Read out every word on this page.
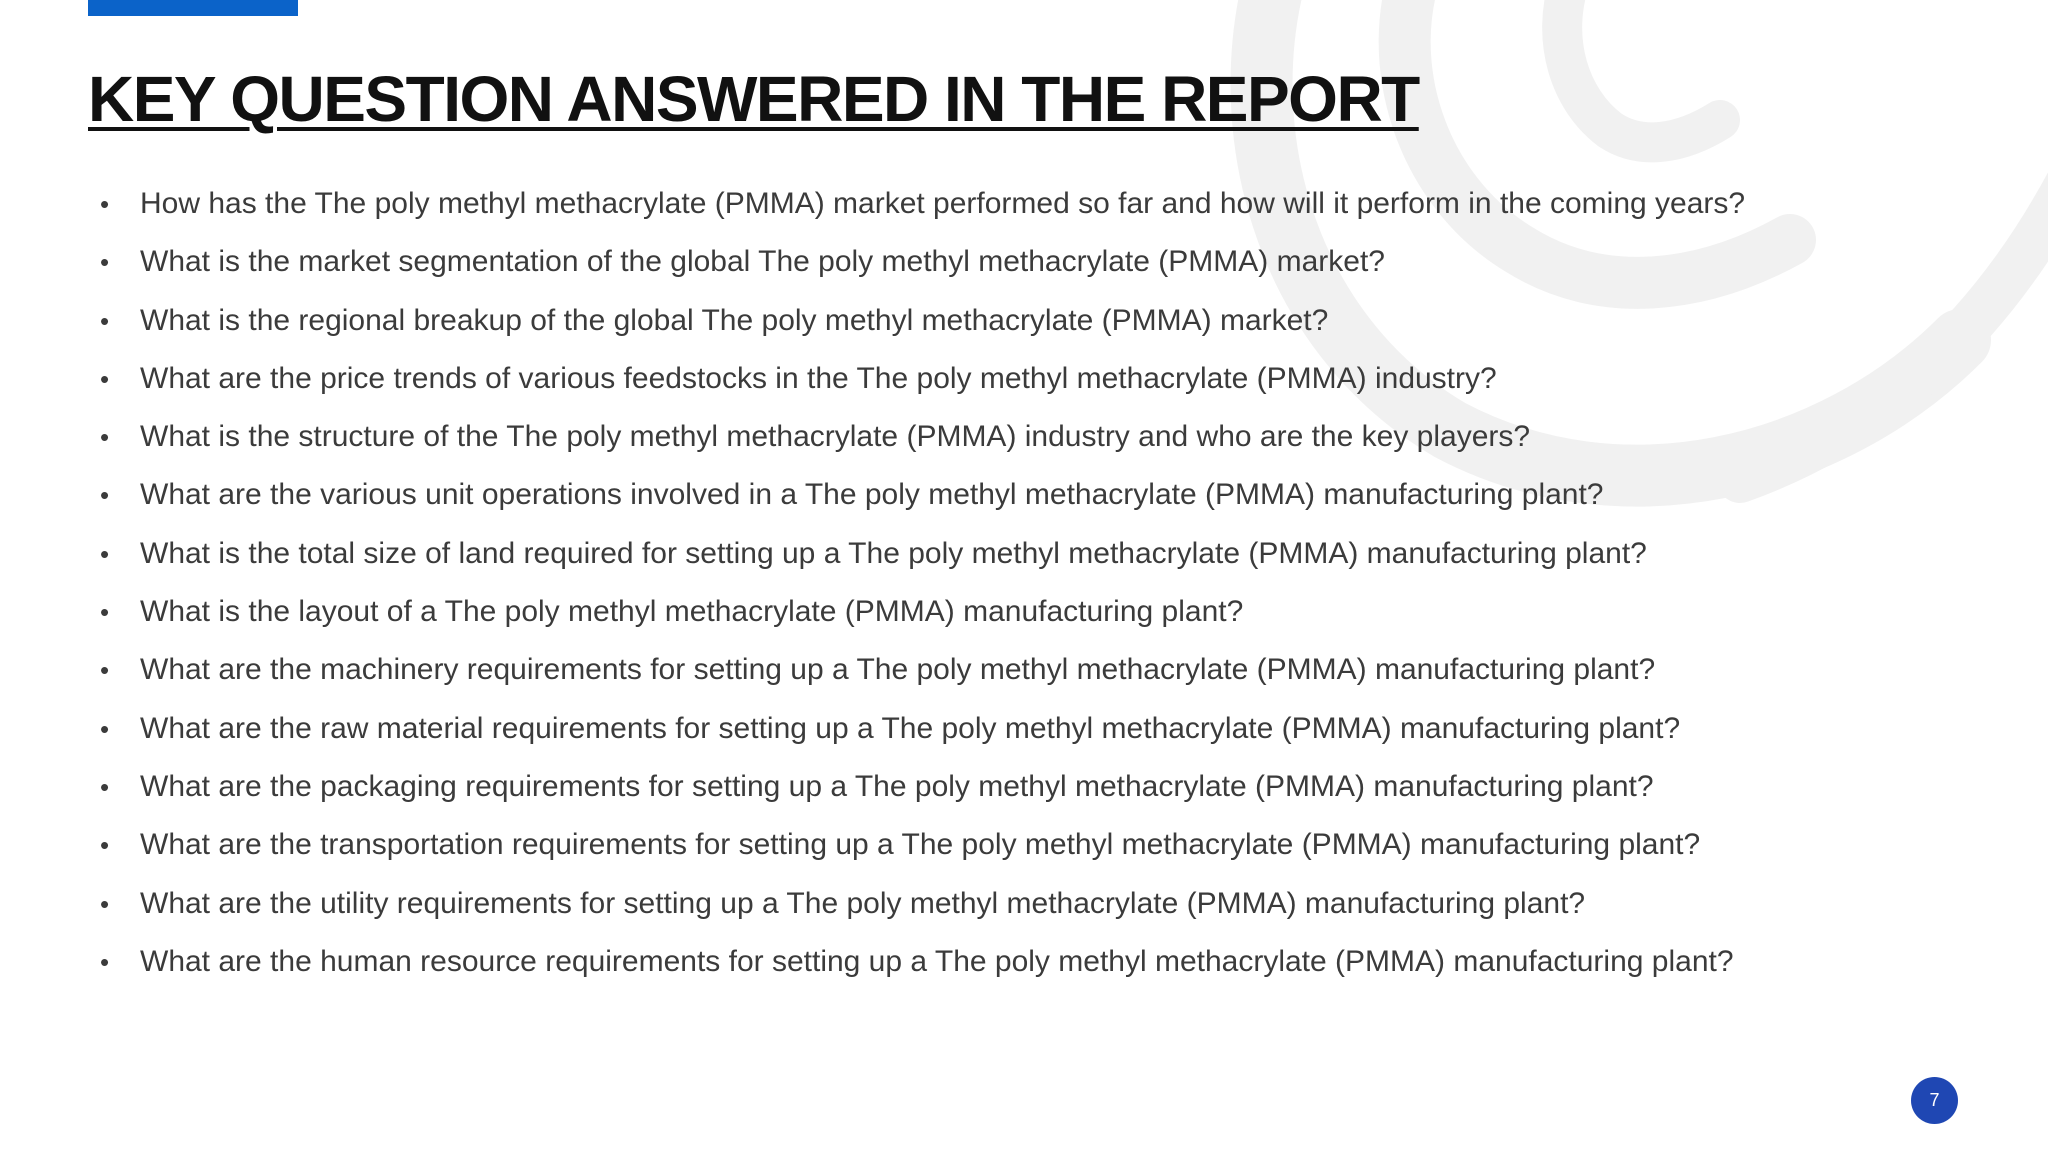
KEY QUESTION ANSWERED IN THE REPORT
• How has the The poly methyl methacrylate (PMMA) market performed so far and how will it perform in the coming years?
• What is the market segmentation of the global The poly methyl methacrylate (PMMA) market?
• What is the regional breakup of the global The poly methyl methacrylate (PMMA) market?
• What are the price trends of various feedstocks in the The poly methyl methacrylate (PMMA) industry?
• What is the structure of the The poly methyl methacrylate (PMMA) industry and who are the key players?
• What are the various unit operations involved in a The poly methyl methacrylate (PMMA) manufacturing plant?
• What is the total size of land required for setting up a The poly methyl methacrylate (PMMA) manufacturing plant?
• What is the layout of a The poly methyl methacrylate (PMMA) manufacturing plant?
• What are the machinery requirements for setting up a The poly methyl methacrylate (PMMA) manufacturing plant?
• What are the raw material requirements for setting up a The poly methyl methacrylate (PMMA) manufacturing plant?
• What are the packaging requirements for setting up a The poly methyl methacrylate (PMMA) manufacturing plant?
• What are the transportation requirements for setting up a The poly methyl methacrylate (PMMA) manufacturing plant?
• What are the utility requirements for setting up a The poly methyl methacrylate (PMMA) manufacturing plant?
• What are the human resource requirements for setting up a The poly methyl methacrylate (PMMA) manufacturing plant?
7
